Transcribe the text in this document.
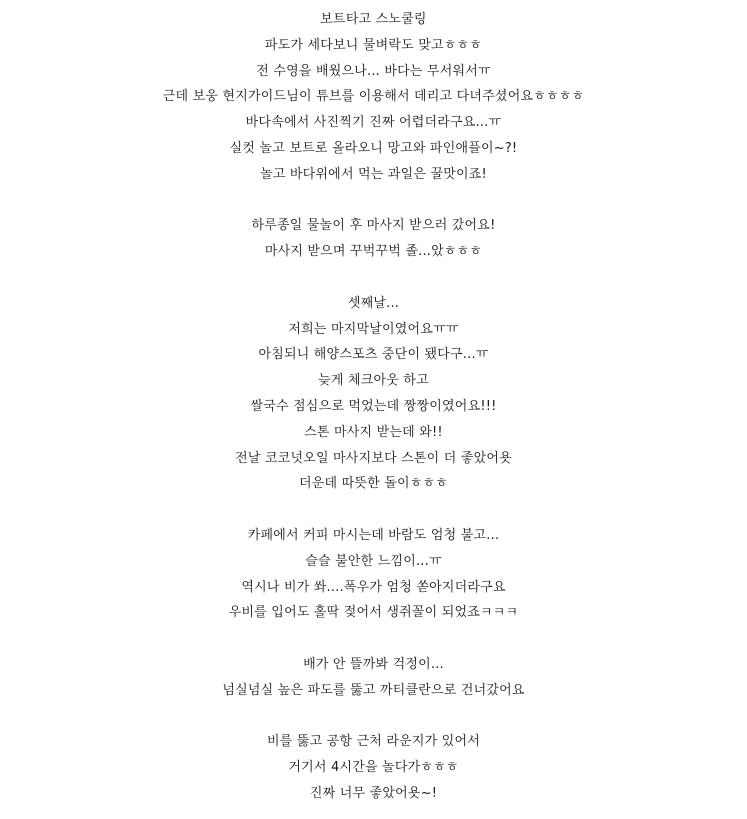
보트타고 스노쿨링
파도가 세다보니 물벼락도 맞고ㅎㅎㅎ
전 수영을 배웠으나... 바다는 무서워서ㅠ
근데 보웅 현지가이드님이 튜브를 이용해서 데리고 다녀주셨어요ㅎㅎㅎㅎ
바다속에서 사진찍기 진짜 어렵더라구요...ㅠ
실컷 놀고 보트로 올라오니 망고와 파인애플이~?!
놀고 바다위에서 먹는 과일은 꿀맛이죠!
하루종일 물놀이 후 마사지 받으러 갔어요!
마사지 받으며 꾸벅꾸벅 졸...았ㅎㅎㅎ
셋째날...
저희는 마지막날이였어요ㅠㅠ
아침되니 해양스포츠 중단이 됐다구...ㅠ
늦게 체크아웃 하고
쌀국수 점심으로 먹었는데 짱짱이였어요!!!
스톤 마사지 받는데 와!!
전날 코코넛오일 마사지보다 스톤이 더 좋았어욧
더운데 따뜻한 돌이ㅎㅎㅎ
카페에서 커피 마시는데 바람도 엄청 불고...
슬슬 불안한 느낌이...ㅠ
역시나 비가 쏴....폭우가 엄청 쏟아지더라구요
우비를 입어도 홀딱 젖어서 생쥐꼴이 되었죠ㅋㅋㅋ
배가 안 뜰까봐 걱정이...
넘실넘실 높은 파도를 뚫고 까티클란으로 건너갔어요
비를 뚫고 공항 근처 라운지가 있어서
거기서 4시간을 놀다가ㅎㅎㅎ
진짜 너무 좋았어욧~!
